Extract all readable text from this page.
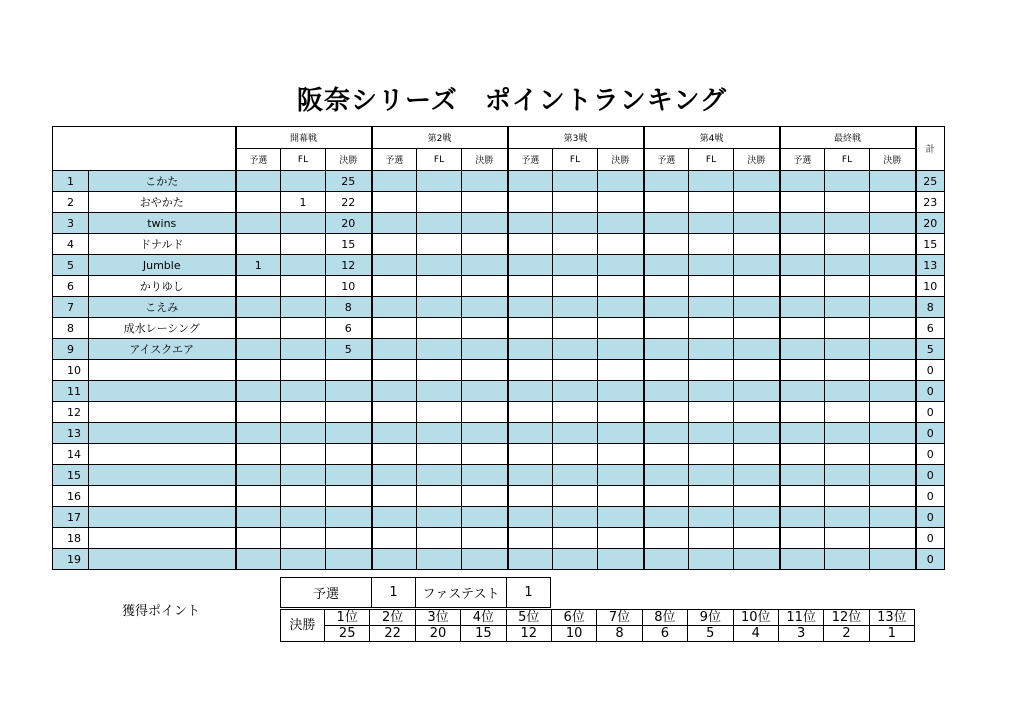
阪奈シリーズ　ポイントランキング
		開幕戦			第2戦			第3戦			第4戦			最終戦			計
		予選	FL	決勝	予選	FL	決勝	予選	FL	決勝	予選	FL	決勝	予選	FL	決勝	
1	こかた			25													25
2	おやかた		1	22													23
3	twins			20													20
4	ドナルド			15													15
5	Jumble	1		12													13
6	かりゆし			10													10
7	こえみ			8													8
8	成水レーシング			6													6
9	アイスクエア			5													5
10																	0
11																	0
12																	0
13																	0
14																	0
15																	0
16																	0
17																	0
18																	0
19																	0
獲得ポイント
予選	1	ファステスト	1
決勝	1位	2位	3位	4位	5位	6位	7位	8位	9位	10位	11位	12位	13位
	25	22	20	15	12	10	8	6	5	4	3	2	1
